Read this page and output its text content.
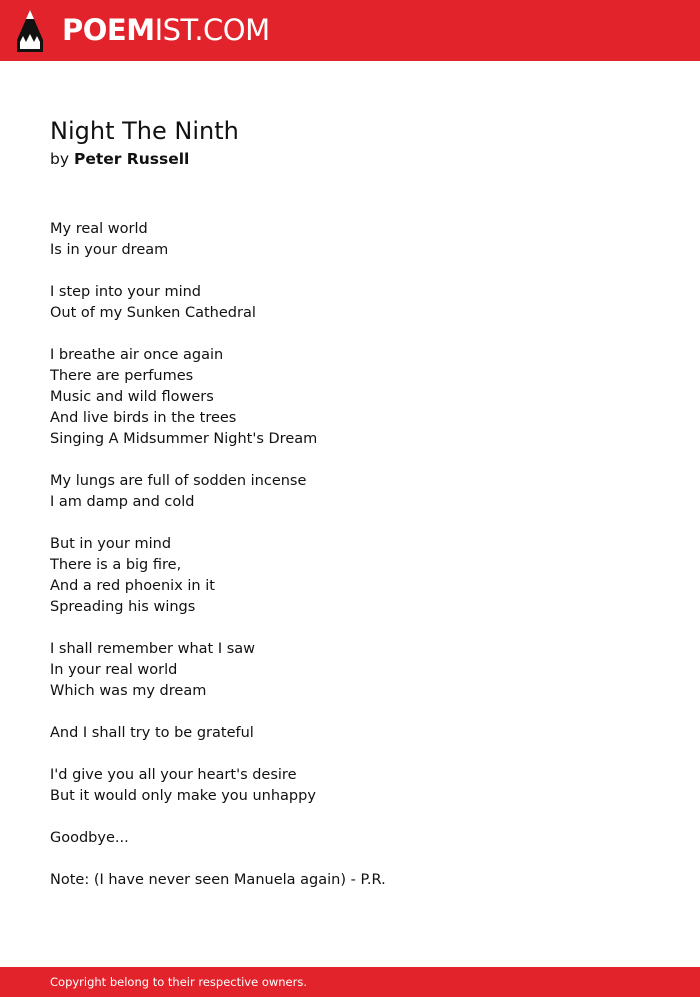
POEMIST.COM
Night The Ninth
by Peter Russell
My real world
Is in your dream
I step into your mind
Out of my Sunken Cathedral
I breathe air once again
There are perfumes
Music and wild flowers
And live birds in the trees
Singing A Midsummer Night's Dream
My lungs are full of sodden incense
I am damp and cold
But in your mind
There is a big fire,
And a red phoenix in it
Spreading his wings
I shall remember what I saw
In your real world
Which was my dream
And I shall try to be grateful
I'd give you all your heart's desire
But it would only make you unhappy
Goodbye...
Note: (I have never seen Manuela again) - P.R.
Copyright belong to their respective owners.
